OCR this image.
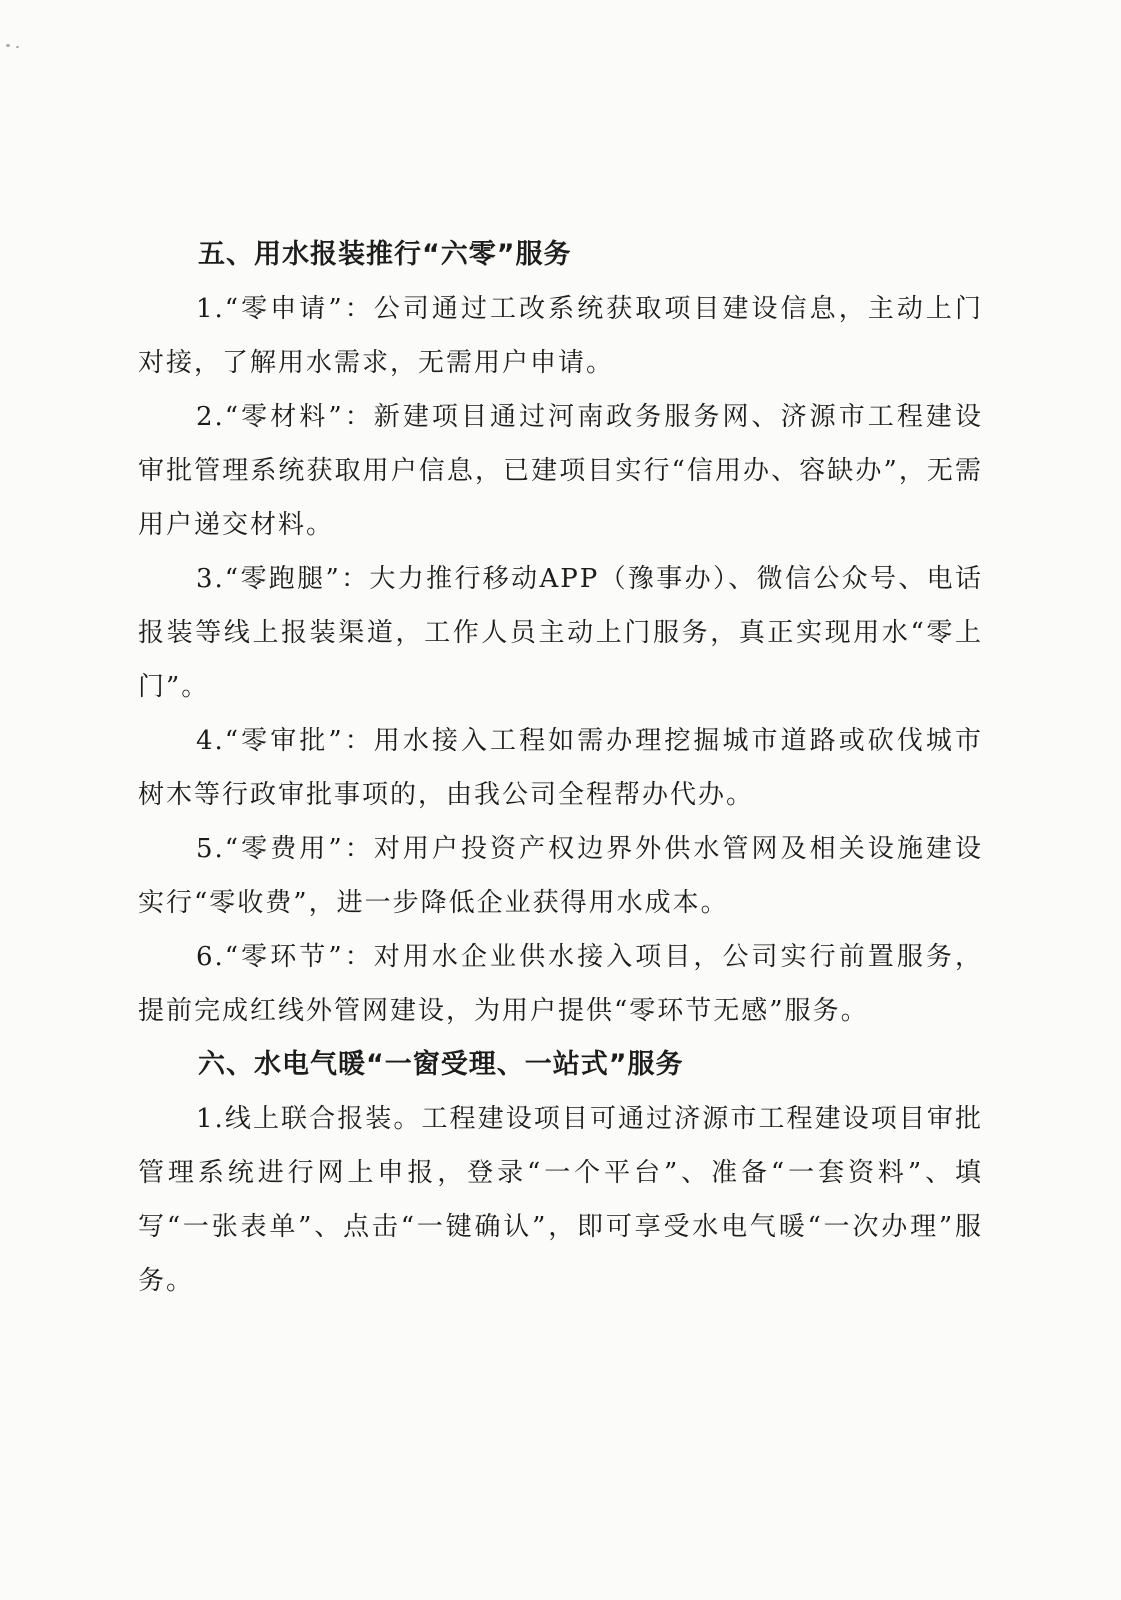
五、用水报装推行“六零”服务

1.“零申请”：公司通过工改系统获取项目建设信息，主动上门对接，了解用水需求，无需用户申请。

2.“零材料”：新建项目通过河南政务服务网、济源市工程建设审批管理系统获取用户信息，已建项目实行“信用办、容缺办”，无需用户递交材料。

3.“零跑腿”：大力推行移动APP（豫事办）、微信公众号、电话报装等线上报装渠道，工作人员主动上门服务，真正实现用水“零上门”。

4.“零审批”：用水接入工程如需办理挖掘城市道路或砍伐城市树木等行政审批事项的，由我公司全程帮办代办。

5.“零费用”：对用户投资产权边界外供水管网及相关设施建设实行“零收费”，进一步降低企业获得用水成本。

6.“零环节”：对用水企业供水接入项目，公司实行前置服务，提前完成红线外管网建设，为用户提供“零环节无感”服务。

六、水电气暖“一窗受理、一站式”服务

1.线上联合报装。工程建设项目可通过济源市工程建设项目审批管理系统进行网上申报，登录“一个平台”、准备“一套资料”、填写“一张表单”、点击“一键确认”，即可享受水电气暖“一次办理”服务。
